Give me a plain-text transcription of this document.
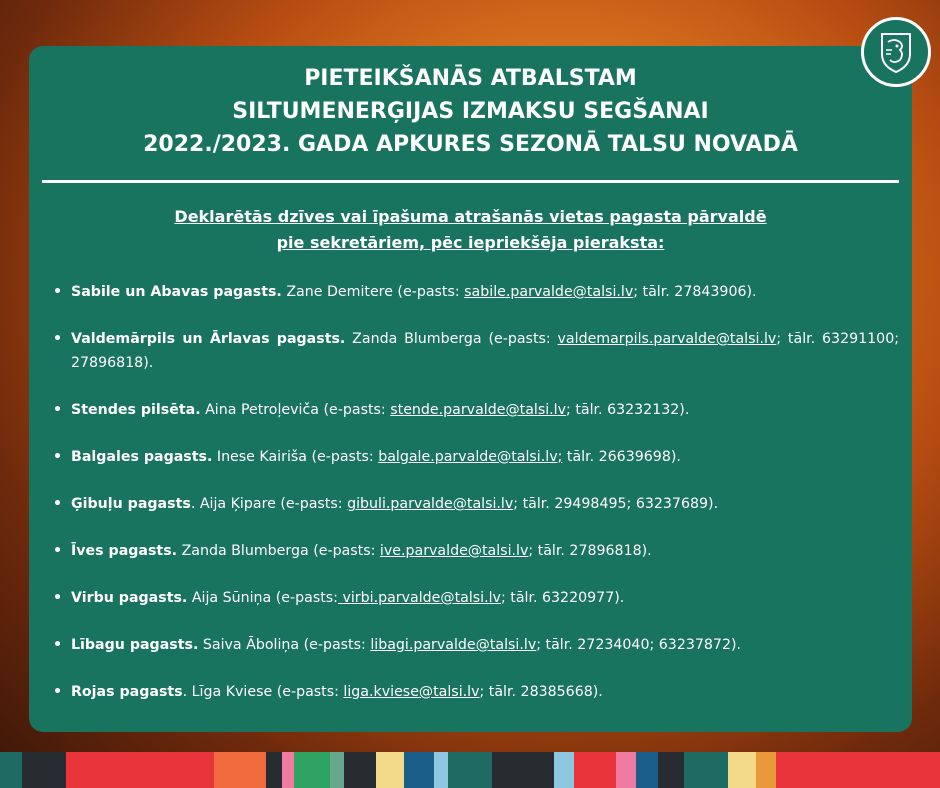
PIETEIKŠANĀS ATBALSTAM
SILTUMENERĢIJAS IZMAKSU SEGŠANAI
2022./2023. GADA APKURES SEZONĀ TALSU NOVADĀ
Deklarētās dzīves vai īpašuma atrašanās vietas pagasta pārvaldē
pie sekretāriem, pēc iepriekšēja pieraksta:
• Sabile un Abavas pagasts. Zane Demitere (e-pasts: sabile.parvalde@talsi.lv; tālr. 27843906).
• Valdemārpils un Ārlavas pagasts. Zanda Blumberga (e-pasts: valdemarpils.parvalde@talsi.lv; tālr. 63291100; 27896818).
• Stendes pilsēta. Aina Petroļeviča (e-pasts: stende.parvalde@talsi.lv; tālr. 63232132).
• Balgales pagasts. Inese Kairiša (e-pasts: balgale.parvalde@talsi.lv; tālr. 26639698).
• Ģibuļu pagasts. Aija Ķipare (e-pasts: gibuli.parvalde@talsi.lv; tālr. 29498495; 63237689).
• Īves pagasts. Zanda Blumberga (e-pasts: ive.parvalde@talsi.lv; tālr. 27896818).
• Virbu pagasts. Aija Sūniņa (e-pasts: virbi.parvalde@talsi.lv; tālr. 63220977).
• Lībagu pagasts. Saiva Āboliņa (e-pasts: libagi.parvalde@talsi.lv; tālr. 27234040; 63237872).
• Rojas pagasts. Līga Kviese (e-pasts: liga.kviese@talsi.lv; tālr. 28385668).
